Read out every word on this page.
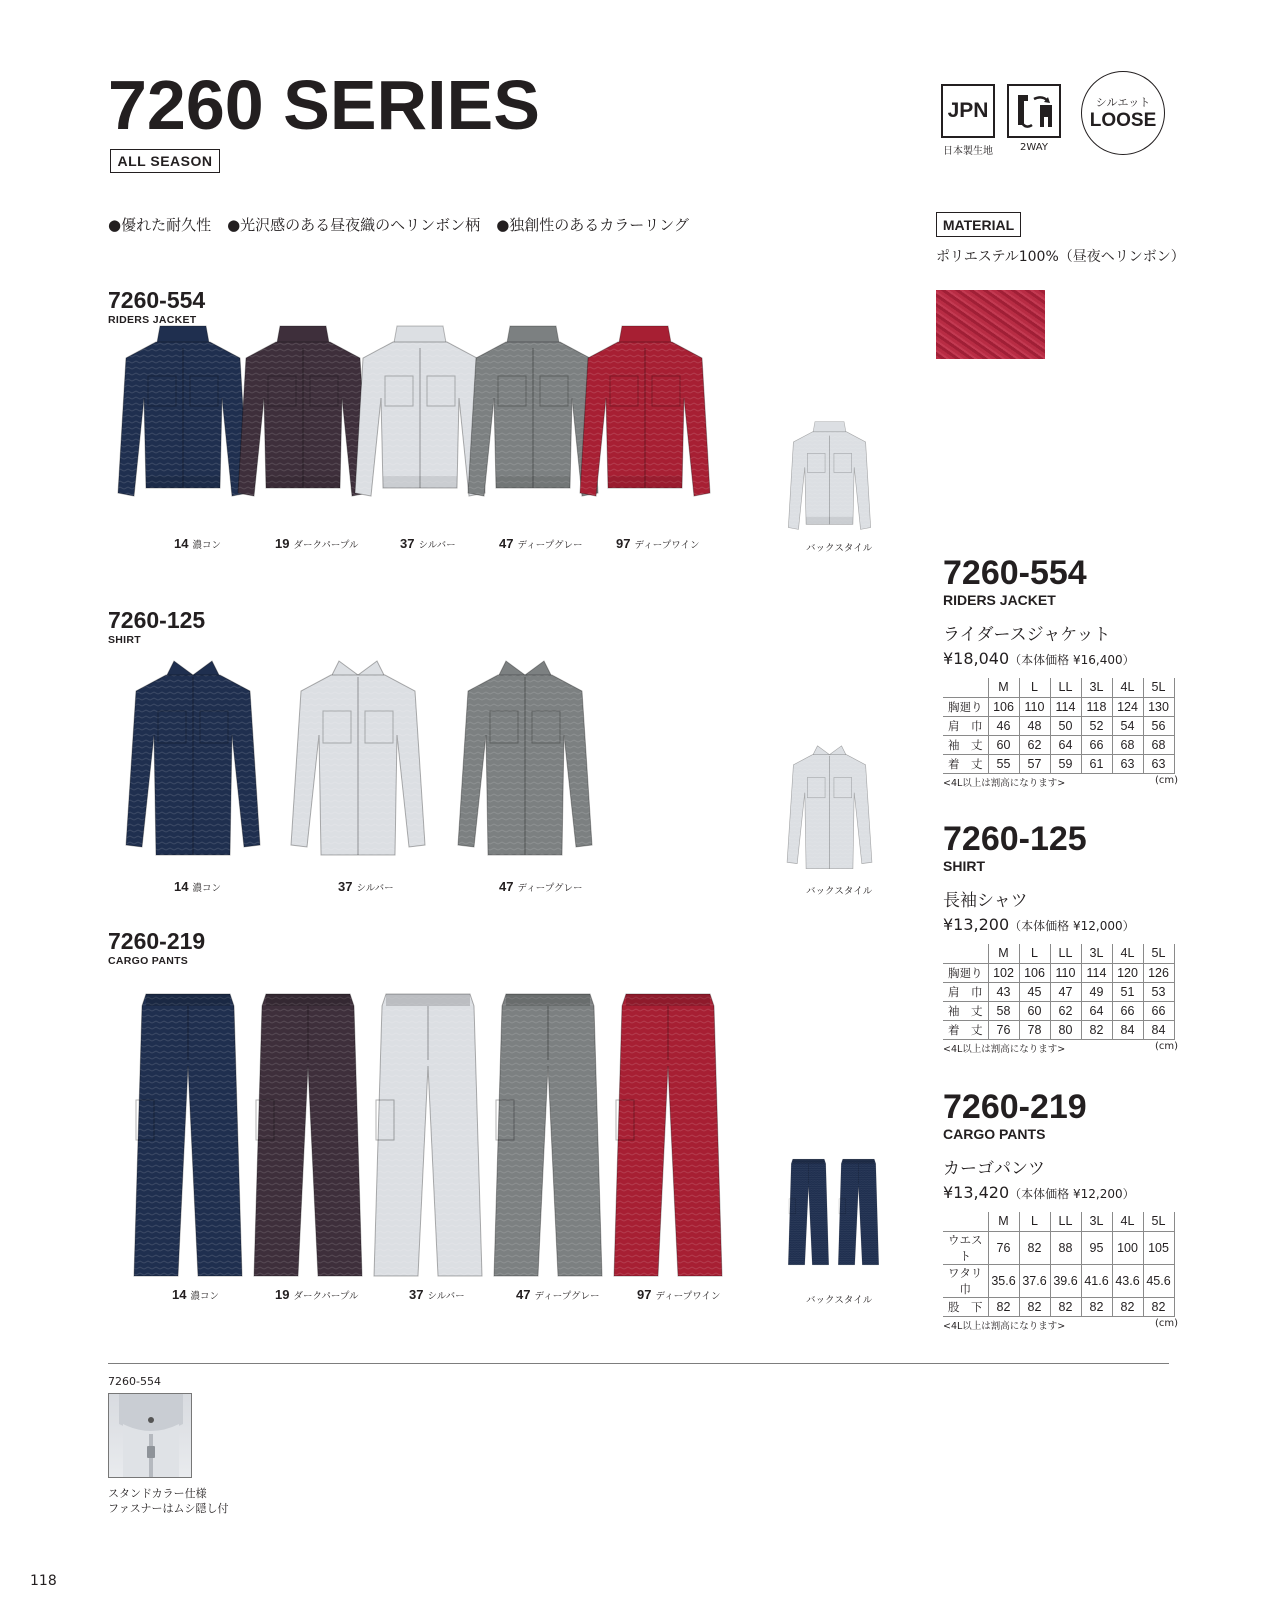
7260 SERIES
ALL SEASON
●優れた耐久性 ●光沢感のある昼夜織のヘリンボン柄 ●独創性のあるカラーリング
JPN
日本製生地	2WAY
シルエット
LOOSE
MATERIAL
ポリエステル100%（昼夜ヘリンボン）
7260-554
RIDERS JACKET
14 濃コン	19 ダークパープル	37 シルバー	47 ディープグレー	97 ディープワイン	バックスタイル
7260-125
SHIRT
14 濃コン	37 シルバー	47 ディープグレー	バックスタイル
7260-219
CARGO PANTS
14 濃コン	19 ダークパープル	37 シルバー	47 ディープグレー	97 ディープワイン	バックスタイル
7260-554
RIDERS JACKET
ライダースジャケット
¥18,040（本体価格 ¥16,400）
	M	L	LL	3L	4L	5L
胸廻り	106	110	114	118	124	130
肩　巾	46	48	50	52	54	56
袖　丈	60	62	64	66	68	68
着　丈	55	57	59	61	63	63
<4L以上は割高になります>	(cm)
7260-125
SHIRT
長袖シャツ
¥13,200（本体価格 ¥12,000）
	M	L	LL	3L	4L	5L
胸廻り	102	106	110	114	120	126
肩　巾	43	45	47	49	51	53
袖　丈	58	60	62	64	66	66
着　丈	76	78	80	82	84	84
<4L以上は割高になります>	(cm)
7260-219
CARGO PANTS
カーゴパンツ
¥13,420（本体価格 ¥12,200）
	M	L	LL	3L	4L	5L
ウエスト	76	82	88	95	100	105
ワタリ巾	35.6	37.6	39.6	41.6	43.6	45.6
股　下	82	82	82	82	82	82
<4L以上は割高になります>	(cm)
7260-554
スタンドカラー仕様
ファスナーはムシ隠し付
118
